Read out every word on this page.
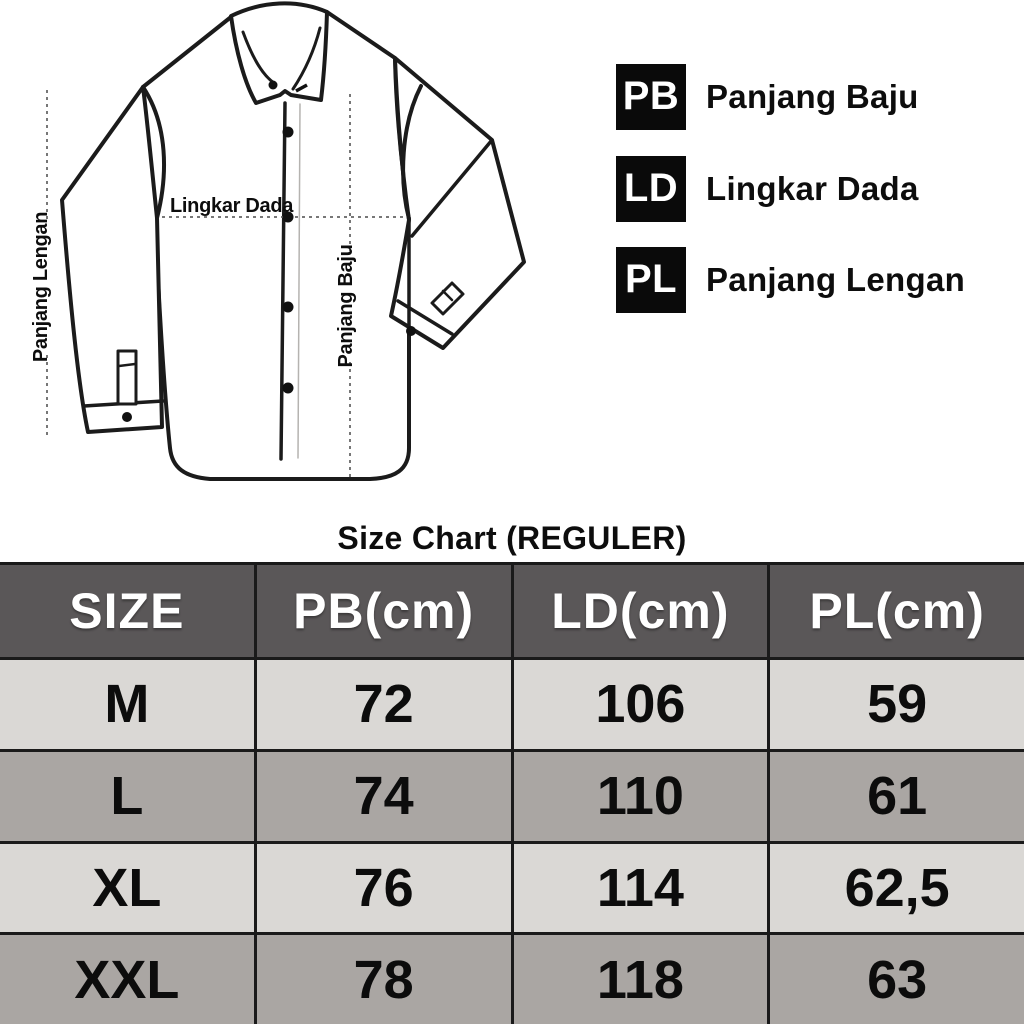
Lingkar Dada
Panjang Baju
Panjang Lengan
PB Panjang Baju
LD Lingkar Dada
PL Panjang Lengan
Size Chart (REGULER)
SIZE	PB(cm)	LD(cm)	PL(cm)
M	72	106	59
L	74	110	61
XL	76	114	62,5
XXL	78	118	63
